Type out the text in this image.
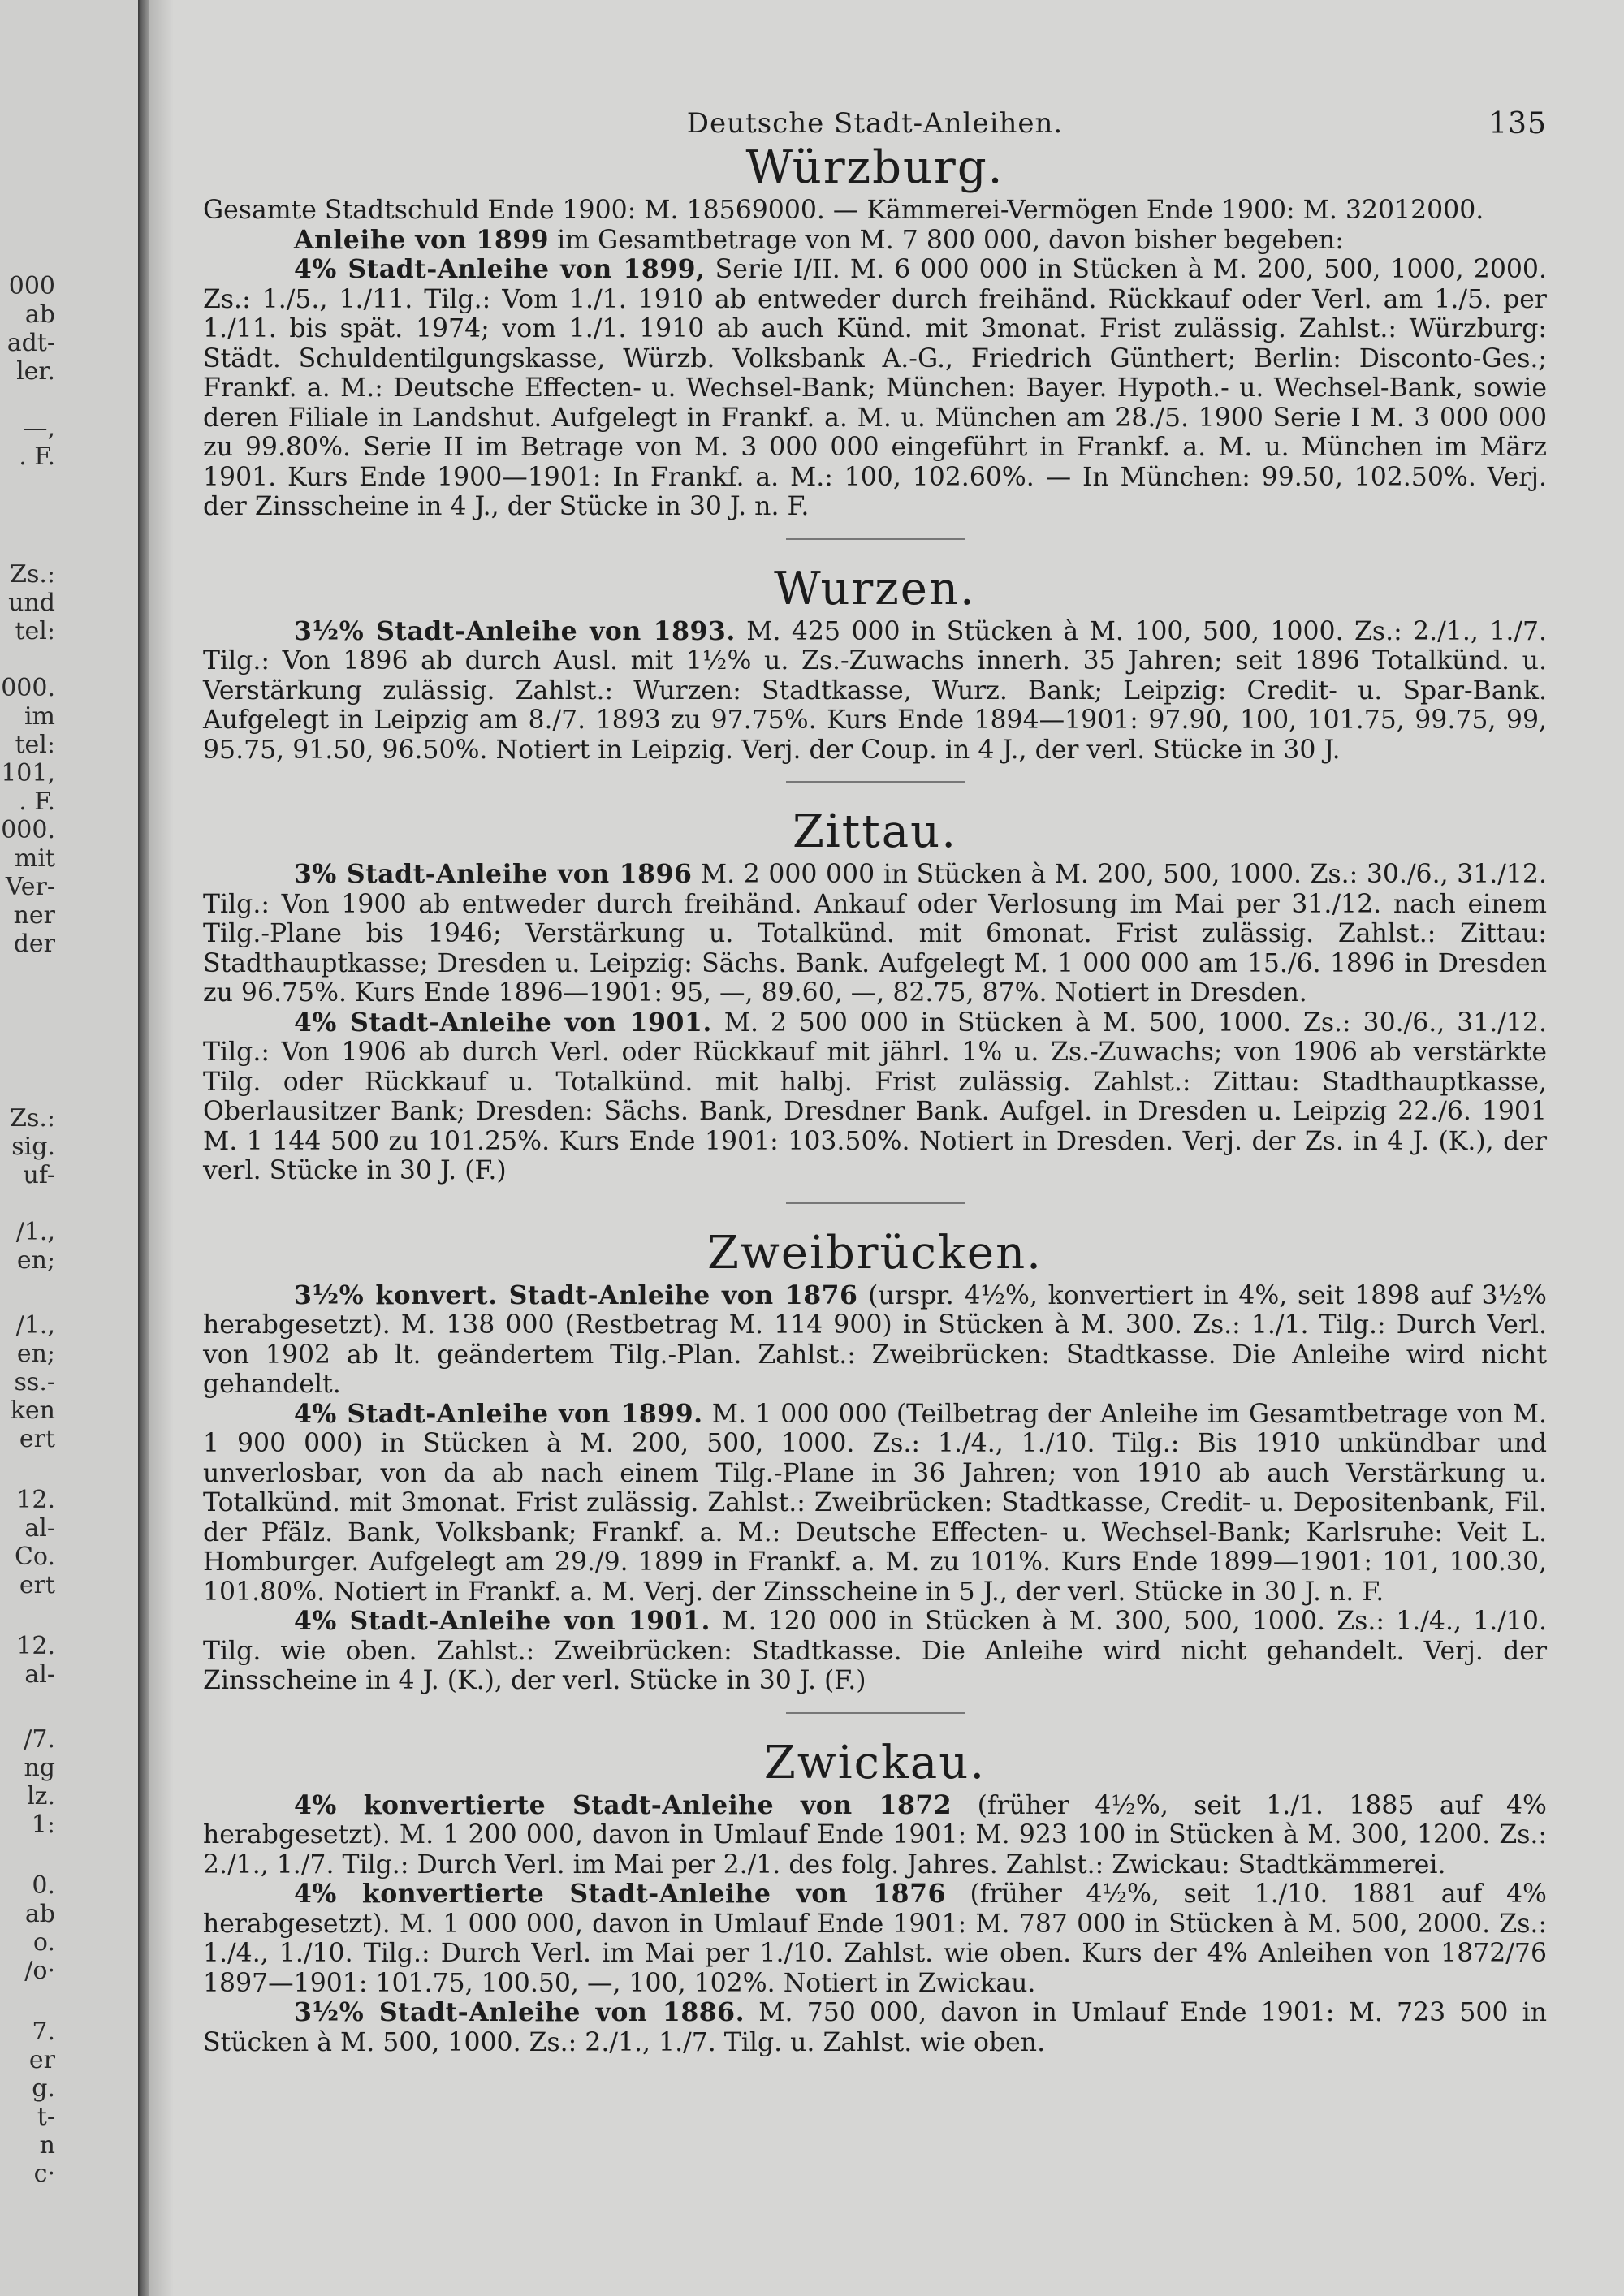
000
ab
adt-
ler.
—,
. F.
Zs.:
und
tel:
000.
im
tel:
101,
. F.
000.
mit
Ver-
ner
der
Zs.:
sig.
uf-
/1.,
en;
/1.,
en;
ss.-
ken
ert
12.
al-
Co.
ert
12.
al-
/7.
ng
lz.
1:
0.
ab
o.
/o·
7.
er
g.
t-
n
c·
Deutsche Stadt-Anleihen.	135
Würzburg.

Gesamte Stadtschuld Ende 1900: M. 18569000. — Kämmerei-Vermögen Ende 1900: M. 32012000.

Anleihe von 1899 im Gesamtbetrage von M. 7 800 000, davon bisher begeben:

4% Stadt-Anleihe von 1899, Serie I/II. M. 6 000 000 in Stücken à M. 200, 500, 1000, 2000. Zs.: 1./5., 1./11. Tilg.: Vom 1./1. 1910 ab entweder durch freihänd. Rückkauf oder Verl. am 1./5. per 1./11. bis spät. 1974; vom 1./1. 1910 ab auch Künd. mit 3monat. Frist zulässig. Zahlst.: Würzburg: Städt. Schuldentilgungskasse, Würzb. Volksbank A.-G., Friedrich Günthert; Berlin: Disconto-Ges.; Frankf. a. M.: Deutsche Effecten- u. Wechsel-Bank; München: Bayer. Hypoth.- u. Wechsel-Bank, sowie deren Filiale in Landshut. Aufgelegt in Frankf. a. M. u. München am 28./5. 1900 Serie I M. 3 000 000 zu 99.80%. Serie II im Betrage von M. 3 000 000 eingeführt in Frankf. a. M. u. München im März 1901. Kurs Ende 1900—1901: In Frankf. a. M.: 100, 102.60%. — In München: 99.50, 102.50%. Verj. der Zinsscheine in 4 J., der Stücke in 30 J. n. F.

Wurzen.

3½% Stadt-Anleihe von 1893. M. 425 000 in Stücken à M. 100, 500, 1000. Zs.: 2./1., 1./7. Tilg.: Von 1896 ab durch Ausl. mit 1½% u. Zs.-Zuwachs innerh. 35 Jahren; seit 1896 Totalkünd. u. Verstärkung zulässig. Zahlst.: Wurzen: Stadtkasse, Wurz. Bank; Leipzig: Credit- u. Spar-Bank. Aufgelegt in Leipzig am 8./7. 1893 zu 97.75%. Kurs Ende 1894—1901: 97.90, 100, 101.75, 99.75, 99, 95.75, 91.50, 96.50%. Notiert in Leipzig. Verj. der Coup. in 4 J., der verl. Stücke in 30 J.

Zittau.

3% Stadt-Anleihe von 1896 M. 2 000 000 in Stücken à M. 200, 500, 1000. Zs.: 30./6., 31./12. Tilg.: Von 1900 ab entweder durch freihänd. Ankauf oder Verlosung im Mai per 31./12. nach einem Tilg.-Plane bis 1946; Verstärkung u. Totalkünd. mit 6monat. Frist zulässig. Zahlst.: Zittau: Stadthauptkasse; Dresden u. Leipzig: Sächs. Bank. Aufgelegt M. 1 000 000 am 15./6. 1896 in Dresden zu 96.75%. Kurs Ende 1896—1901: 95, —, 89.60, —, 82.75, 87%. Notiert in Dresden.

4% Stadt-Anleihe von 1901. M. 2 500 000 in Stücken à M. 500, 1000. Zs.: 30./6., 31./12. Tilg.: Von 1906 ab durch Verl. oder Rückkauf mit jährl. 1% u. Zs.-Zuwachs; von 1906 ab verstärkte Tilg. oder Rückkauf u. Totalkünd. mit halbj. Frist zulässig. Zahlst.: Zittau: Stadthauptkasse, Oberlausitzer Bank; Dresden: Sächs. Bank, Dresdner Bank. Aufgel. in Dresden u. Leipzig 22./6. 1901 M. 1 144 500 zu 101.25%. Kurs Ende 1901: 103.50%. Notiert in Dresden. Verj. der Zs. in 4 J. (K.), der verl. Stücke in 30 J. (F.)

Zweibrücken.

3½% konvert. Stadt-Anleihe von 1876 (urspr. 4½%, konvertiert in 4%, seit 1898 auf 3½% herabgesetzt). M. 138 000 (Restbetrag M. 114 900) in Stücken à M. 300. Zs.: 1./1. Tilg.: Durch Verl. von 1902 ab lt. geändertem Tilg.-Plan. Zahlst.: Zweibrücken: Stadtkasse. Die Anleihe wird nicht gehandelt.

4% Stadt-Anleihe von 1899. M. 1 000 000 (Teilbetrag der Anleihe im Gesamtbetrage von M. 1 900 000) in Stücken à M. 200, 500, 1000. Zs.: 1./4., 1./10. Tilg.: Bis 1910 unkündbar und unverlosbar, von da ab nach einem Tilg.-Plane in 36 Jahren; von 1910 ab auch Verstärkung u. Totalkünd. mit 3monat. Frist zulässig. Zahlst.: Zweibrücken: Stadtkasse, Credit- u. Depositenbank, Fil. der Pfälz. Bank, Volksbank; Frankf. a. M.: Deutsche Effecten- u. Wechsel-Bank; Karlsruhe: Veit L. Homburger. Aufgelegt am 29./9. 1899 in Frankf. a. M. zu 101%. Kurs Ende 1899—1901: 101, 100.30, 101.80%. Notiert in Frankf. a. M. Verj. der Zinsscheine in 5 J., der verl. Stücke in 30 J. n. F.

4% Stadt-Anleihe von 1901. M. 120 000 in Stücken à M. 300, 500, 1000. Zs.: 1./4., 1./10. Tilg. wie oben. Zahlst.: Zweibrücken: Stadtkasse. Die Anleihe wird nicht gehandelt. Verj. der Zinsscheine in 4 J. (K.), der verl. Stücke in 30 J. (F.)

Zwickau.

4% konvertierte Stadt-Anleihe von 1872 (früher 4½%, seit 1./1. 1885 auf 4% herabgesetzt). M. 1 200 000, davon in Umlauf Ende 1901: M. 923 100 in Stücken à M. 300, 1200. Zs.: 2./1., 1./7. Tilg.: Durch Verl. im Mai per 2./1. des folg. Jahres. Zahlst.: Zwickau: Stadtkämmerei.

4% konvertierte Stadt-Anleihe von 1876 (früher 4½%, seit 1./10. 1881 auf 4% herabgesetzt). M. 1 000 000, davon in Umlauf Ende 1901: M. 787 000 in Stücken à M. 500, 2000. Zs.: 1./4., 1./10. Tilg.: Durch Verl. im Mai per 1./10. Zahlst. wie oben. Kurs der 4% Anleihen von 1872/76 1897—1901: 101.75, 100.50, —, 100, 102%. Notiert in Zwickau.

3½% Stadt-Anleihe von 1886. M. 750 000, davon in Umlauf Ende 1901: M. 723 500 in Stücken à M. 500, 1000. Zs.: 2./1., 1./7. Tilg. u. Zahlst. wie oben.
